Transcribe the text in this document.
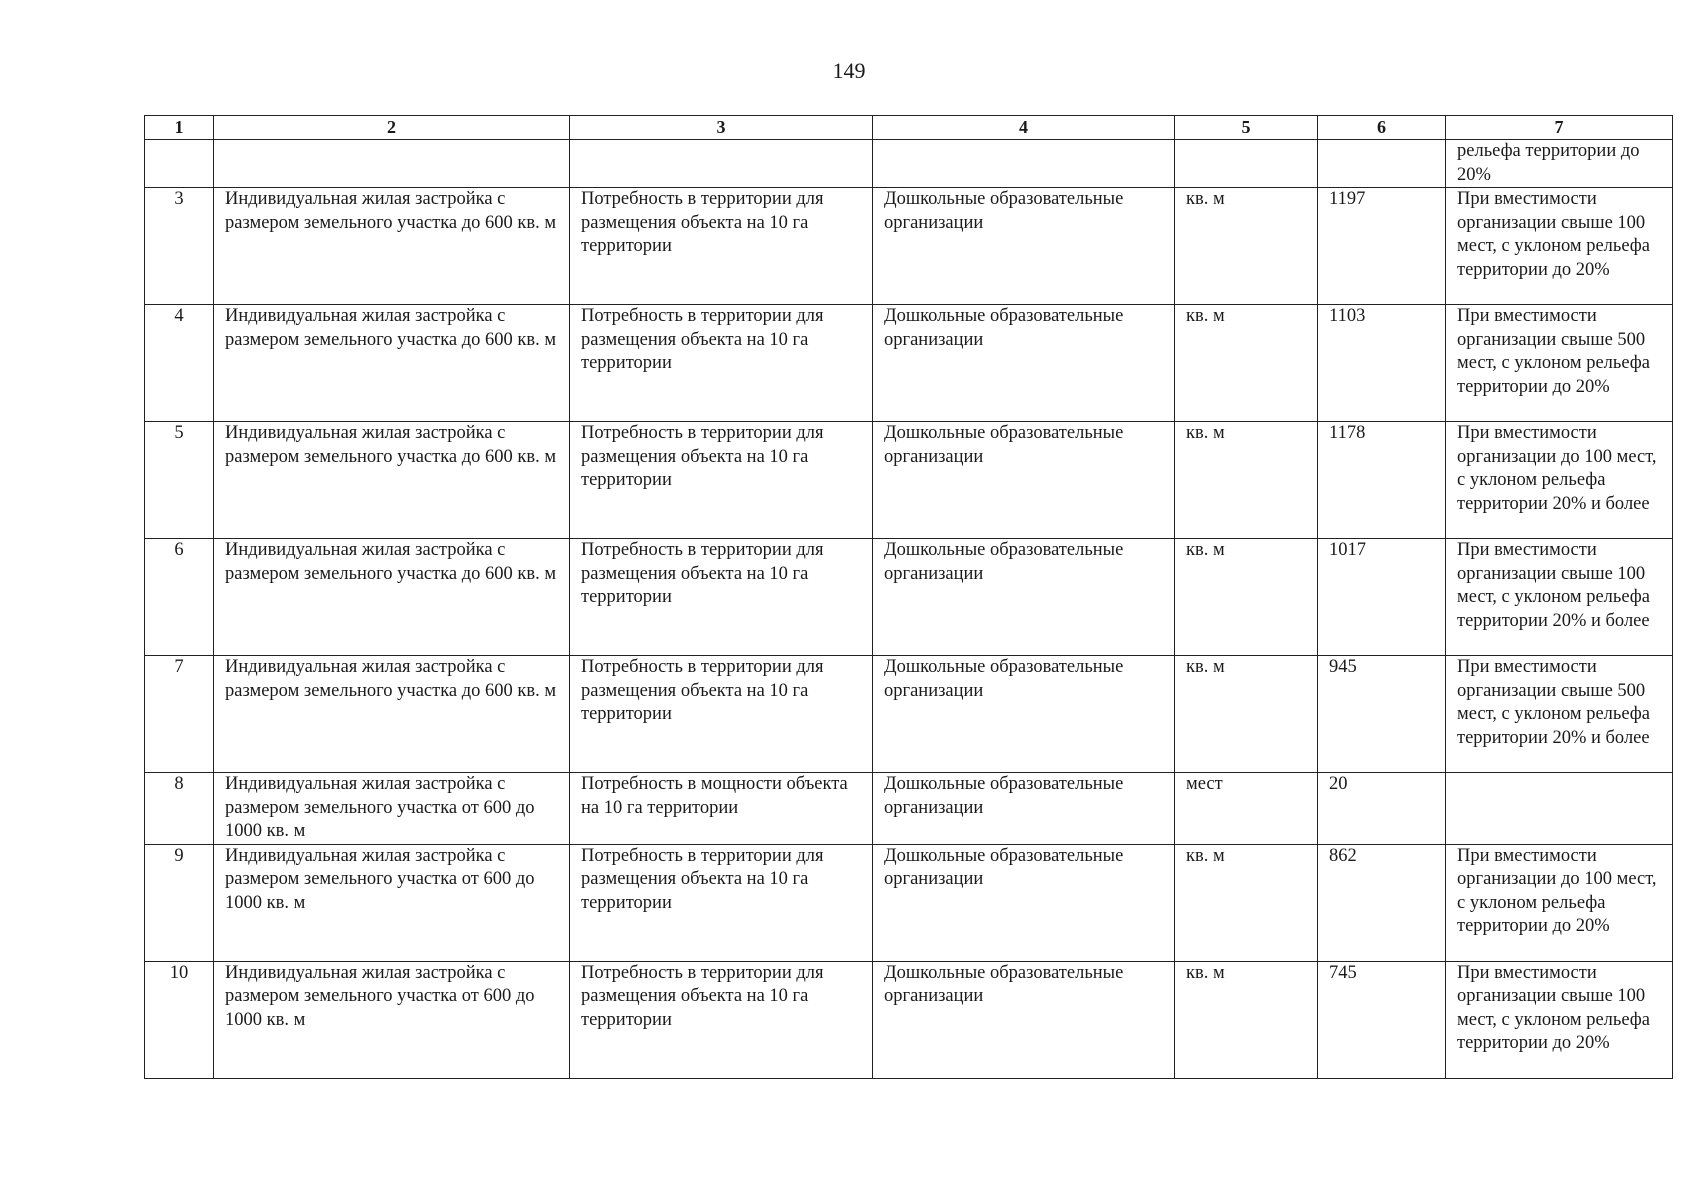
149
1	2	3	4	5	6	7
						рельефа территории до 20%
3	Индивидуальная жилая застройка с размером земельного участка до 600 кв. м	Потребность в территории для размещения объекта на 10 га территории	Дошкольные образовательные организации	кв. м	1197	При вместимости организации свыше 100 мест, с уклоном рельефа территории до 20%
4	Индивидуальная жилая застройка с размером земельного участка до 600 кв. м	Потребность в территории для размещения объекта на 10 га территории	Дошкольные образовательные организации	кв. м	1103	При вместимости организации свыше 500 мест, с уклоном рельефа территории до 20%
5	Индивидуальная жилая застройка с размером земельного участка до 600 кв. м	Потребность в территории для размещения объекта на 10 га территории	Дошкольные образовательные организации	кв. м	1178	При вместимости организации до 100 мест, с уклоном рельефа территории 20% и более
6	Индивидуальная жилая застройка с размером земельного участка до 600 кв. м	Потребность в территории для размещения объекта на 10 га территории	Дошкольные образовательные организации	кв. м	1017	При вместимости организации свыше 100 мест, с уклоном рельефа территории 20% и более
7	Индивидуальная жилая застройка с размером земельного участка до 600 кв. м	Потребность в территории для размещения объекта на 10 га территории	Дошкольные образовательные организации	кв. м	945	При вместимости организации свыше 500 мест, с уклоном рельефа территории 20% и более
8	Индивидуальная жилая застройка с размером земельного участка от 600 до 1000 кв. м	Потребность в мощности объекта на 10 га территории	Дошкольные образовательные организации	мест	20	
9	Индивидуальная жилая застройка с размером земельного участка от 600 до 1000 кв. м	Потребность в территории для размещения объекта на 10 га территории	Дошкольные образовательные организации	кв. м	862	При вместимости организации до 100 мест, с уклоном рельефа территории до 20%
10	Индивидуальная жилая застройка с размером земельного участка от 600 до 1000 кв. м	Потребность в территории для размещения объекта на 10 га территории	Дошкольные образовательные организации	кв. м	745	При вместимости организации свыше 100 мест, с уклоном рельефа территории до 20%
